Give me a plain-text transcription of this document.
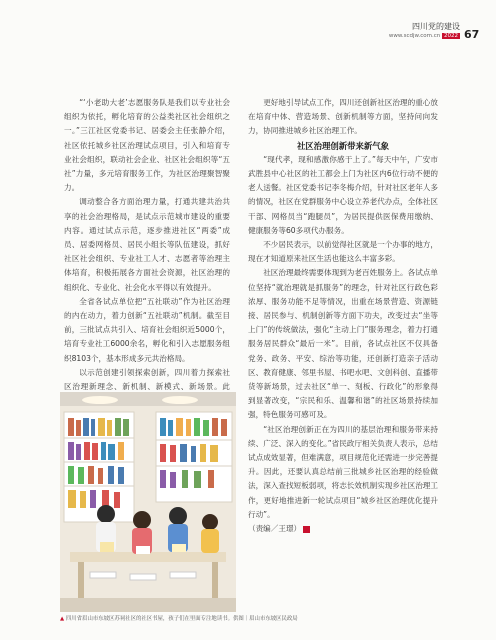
四川党的建设
www.scdjw.com.cn 2022 67

“‘小老助大老’志愿服务队是我们以专业社会组织为依托，孵化培育的公益类社区社会组织之一。”三江社区党委书记、居委会主任张静介绍，社区依托城乡社区治理试点项目，引入和培育专业社会组织，联动社会企业、社区社会组织等“五社”力量，多元培育服务工作，为社区治理聚智聚力。

调动整合各方面治理力量，打通共建共治共享的社会治理格局，是试点示范城市建设的重要内容。通过试点示范，逐步推进社区“两委”成员、居委网格员、居民小组长等队伍建设，抓好社区社会组织、专业社工人才、志愿者等治理主体培育，积极拓展各方面社会资源，社区治理的组织化、专业化、社会化水平得以有效提升。

全省各试点单位把“五社联动”作为社区治理的内在动力，着力创新“五社联动”机制。截至目前，三批试点共引入、培育社会组织近5000个，培育专业社工6000余名，孵化和引入志愿服务组织8103个，基本形成多元共治格局。

以示范创建引领探索创新，四川着力探索社区治理新理念、新机制、新模式、新场景。此

▲ 四川省眉山市东坡区苏祠社区的社区书屋，孩子们在里面专注地读书。供图｜眉山市东坡区民政局

更好地引导试点工作，四川还创新社区治理的重心放在培育中体、营造场景、创新机制等方面，坚持问向发力，协同推进城乡社区治理工作。

社区治理创新带来新气象

“现代孝，现和感激你感于上了。”每天中午，广安市武胜县中心社区的社工都会上门为社区内6位行动不便的老人送餐。社区党委书记李冬梅介绍，针对社区老年人多的情况，社区在党群服务中心设立养老代办点，全体社区干部、网格员当“跑腿员”，为居民提供医保费用缴纳、健康服务等60多项代办服务。

不少居民表示，以前觉得社区就是一个办事的地方，现在才知道原来社区生活也能这么丰富多彩。

社区治理最终需要体现到为老百姓服务上。各试点单位坚持“就治理就是抓服务”的理念，针对社区行政色彩浓厚、服务功能不足等情况，出重在场景营造、资源链接、居民参与、机制创新等方面下功夫，改变过去“坐等上门”的传统做法，强化“主动上门”服务理念，着力打通服务居民群众“最后一米”。目前，各试点社区不仅具备党务、政务、平安、综治等功能，还创新打造亲子活动区、教育健康、邻里书屋、书吧水吧、文创科创、直播带货等新场景，过去社区“单一、刻板、行政化”的形象得到显著改变，“宗民和乐、温馨和谐”的社区场景持续加强，特色服务可感可及。

“社区治理创新正在为四川的基层治理和服务带来持续、广泛、深入的变化。”省民政厅相关负责人表示，总结试点成效显著，但难满意，项目规范化还需进一步完善提升。因此，还要认真总结前三批城乡社区治理的经验做法，深入查找短板弱项，将志长效机制实现乡社区治理工作，更好地推进新一轮试点项目“城乡社区治理优化提升行动”。

（责编／王璟）
